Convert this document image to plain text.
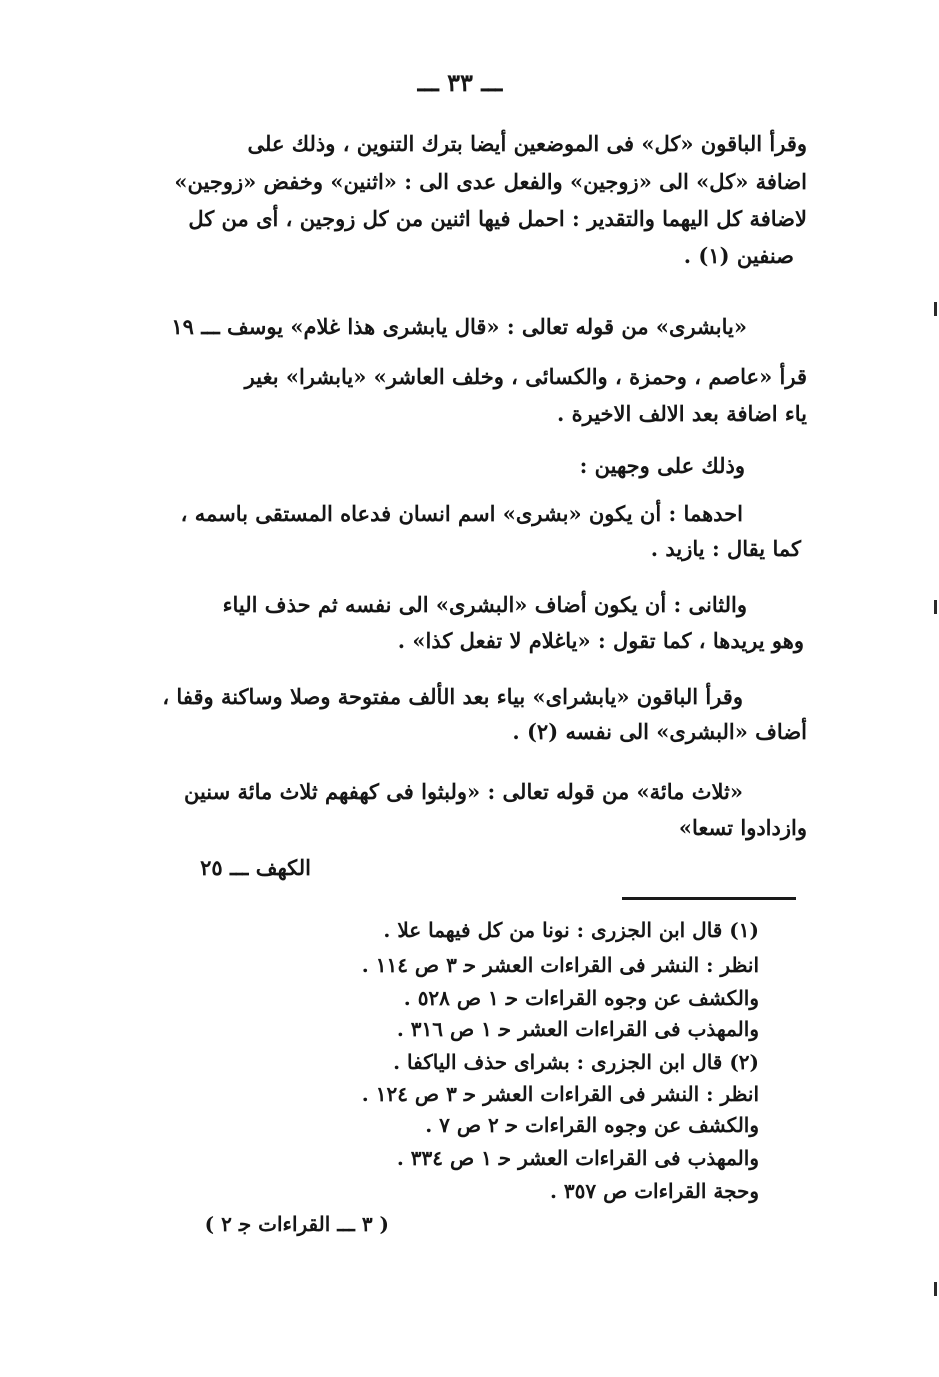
ـــ ٣٣ ـــ
وقرأ الباقون «كل» فى الموضعين أيضا بترك التنوين ، وذلك على
اضافة «كل» الى «زوجين» والفعل عدى الى : «اثنين» وخفض «زوجين»
لاضافة كل اليهما والتقدير : احمل فيها اثنين من كل زوجين ، أى من كل
صنفين (١) .
«يابشرى» من قوله تعالى : «قال يابشرى هذا غلام» يوسف ـــ ١٩
قرأ «عاصم ، وحمزة ، والكسائى ، وخلف العاشر» «يابشرا» بغير
ياء اضافة بعد الالف الاخيرة .
وذلك على وجهين :
احدهما : أن يكون «بشرى» اسم انسان فدعاه المستقى باسمه ،
كما يقال : يازيد .
والثانى : أن يكون أضاف «البشرى» الى نفسه ثم حذف الياء
وهو يريدها ، كما تقول : «ياغلام لا تفعل كذا» .
وقرأ الباقون «يابشراى» بياء بعد الألف مفتوحة وصلا وساكنة وقفا ،
أضاف «البشرى» الى نفسه (٢) .
«ثلاث مائة» من قوله تعالى : «ولبثوا فى كهفهم ثلاث مائة سنين
وازدادوا تسعا»
الكهف ـــ ٢٥
(١) قال ابن الجزرى : نونا من كل فيهما علا .
انظر : النشر فى القراءات العشر ﺣ ٣ ص ١١٤ .
والكشف عن وجوه القراءات ﺣ ١ ص ٥٢٨ .
والمهذب فى القراءات العشر ﺣ ١ ص ٣١٦ .
(٢) قال ابن الجزرى : بشراى حذف الياكفا .
انظر : النشر فى القراءات العشر ﺣ ٣ ص ١٢٤ .
والكشف عن وجوه القراءات ﺣ ٢ ص ٧ .
والمهذب فى القراءات العشر ﺣ ١ ص ٣٣٤ .
وحجة القراءات ص ٣٥٧ .
( ٣ ـــ القراءات ﺟ ٢ )
